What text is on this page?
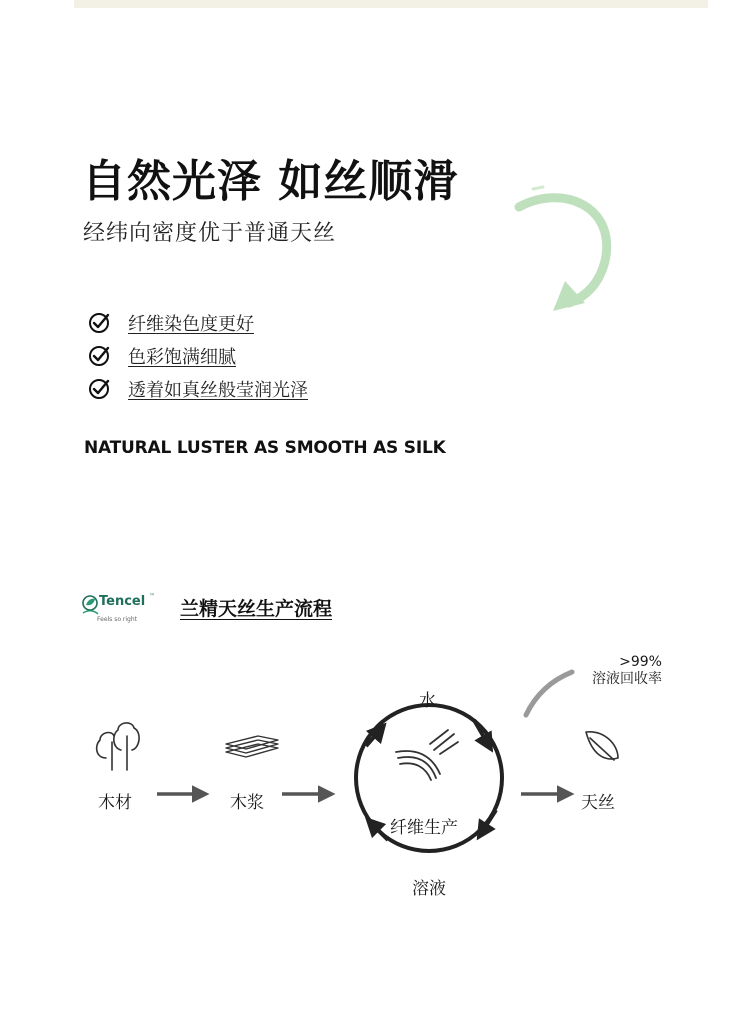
自然光泽 如丝顺滑

经纬向密度优于普通天丝

纤维染色度更好
色彩饱满细腻
透着如真丝般莹润光泽

NATURAL LUSTER AS SMOOTH AS SILK

Tencel ™
Feels so right 兰精天丝生产流程
木材	木浆
水
纤维生产
溶液
天丝
>99%
溶液回收率
